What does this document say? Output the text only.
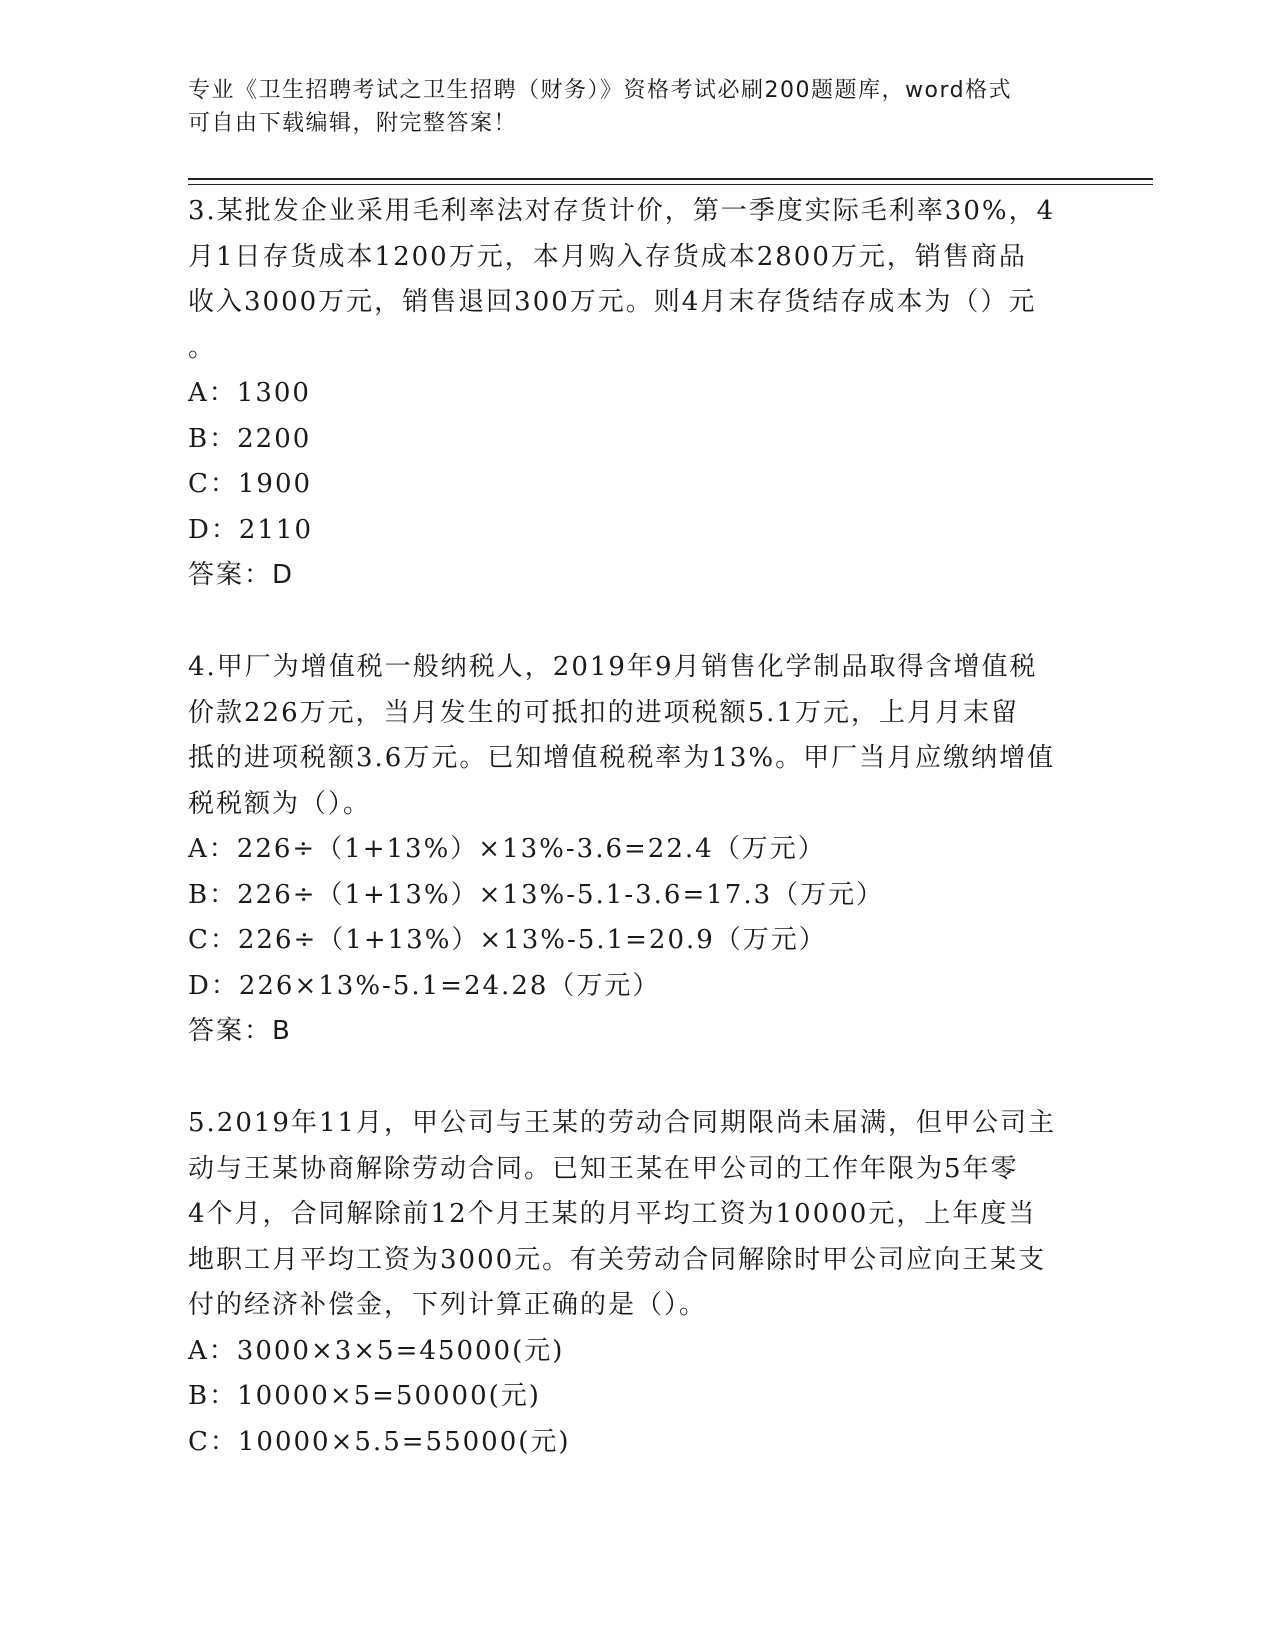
专业《卫生招聘考试之卫生招聘（财务）》资格考试必刷200题题库，word格式
可自由下载编辑，附完整答案！
3.某批发企业采用毛利率法对存货计价，第一季度实际毛利率30%，4
月1日存货成本1200万元，本月购入存货成本2800万元，销售商品
收入3000万元，销售退回300万元。则4月末存货结存成本为（）元
。
A：1300
B：2200
C：1900
D：2110
答案：D
4.甲厂为增值税一般纳税人，2019年9月销售化学制品取得含增值税
价款226万元，当月发生的可抵扣的进项税额5.1万元，上月月末留
抵的进项税额3.6万元。已知增值税税率为13%。甲厂当月应缴纳增值
税税额为（）。
A：226÷（1+13%）×13%-3.6=22.4（万元）
B：226÷（1+13%）×13%-5.1-3.6=17.3（万元）
C：226÷（1+13%）×13%-5.1=20.9（万元）
D：226×13%-5.1=24.28（万元）
答案：B
5.2019年11月，甲公司与王某的劳动合同期限尚未届满，但甲公司主
动与王某协商解除劳动合同。已知王某在甲公司的工作年限为5年零
4个月，合同解除前12个月王某的月平均工资为10000元，上年度当
地职工月平均工资为3000元。有关劳动合同解除时甲公司应向王某支
付的经济补偿金，下列计算正确的是（）。
A：3000×3×5=45000(元)
B：10000×5=50000(元)
C：10000×5.5=55000(元)
